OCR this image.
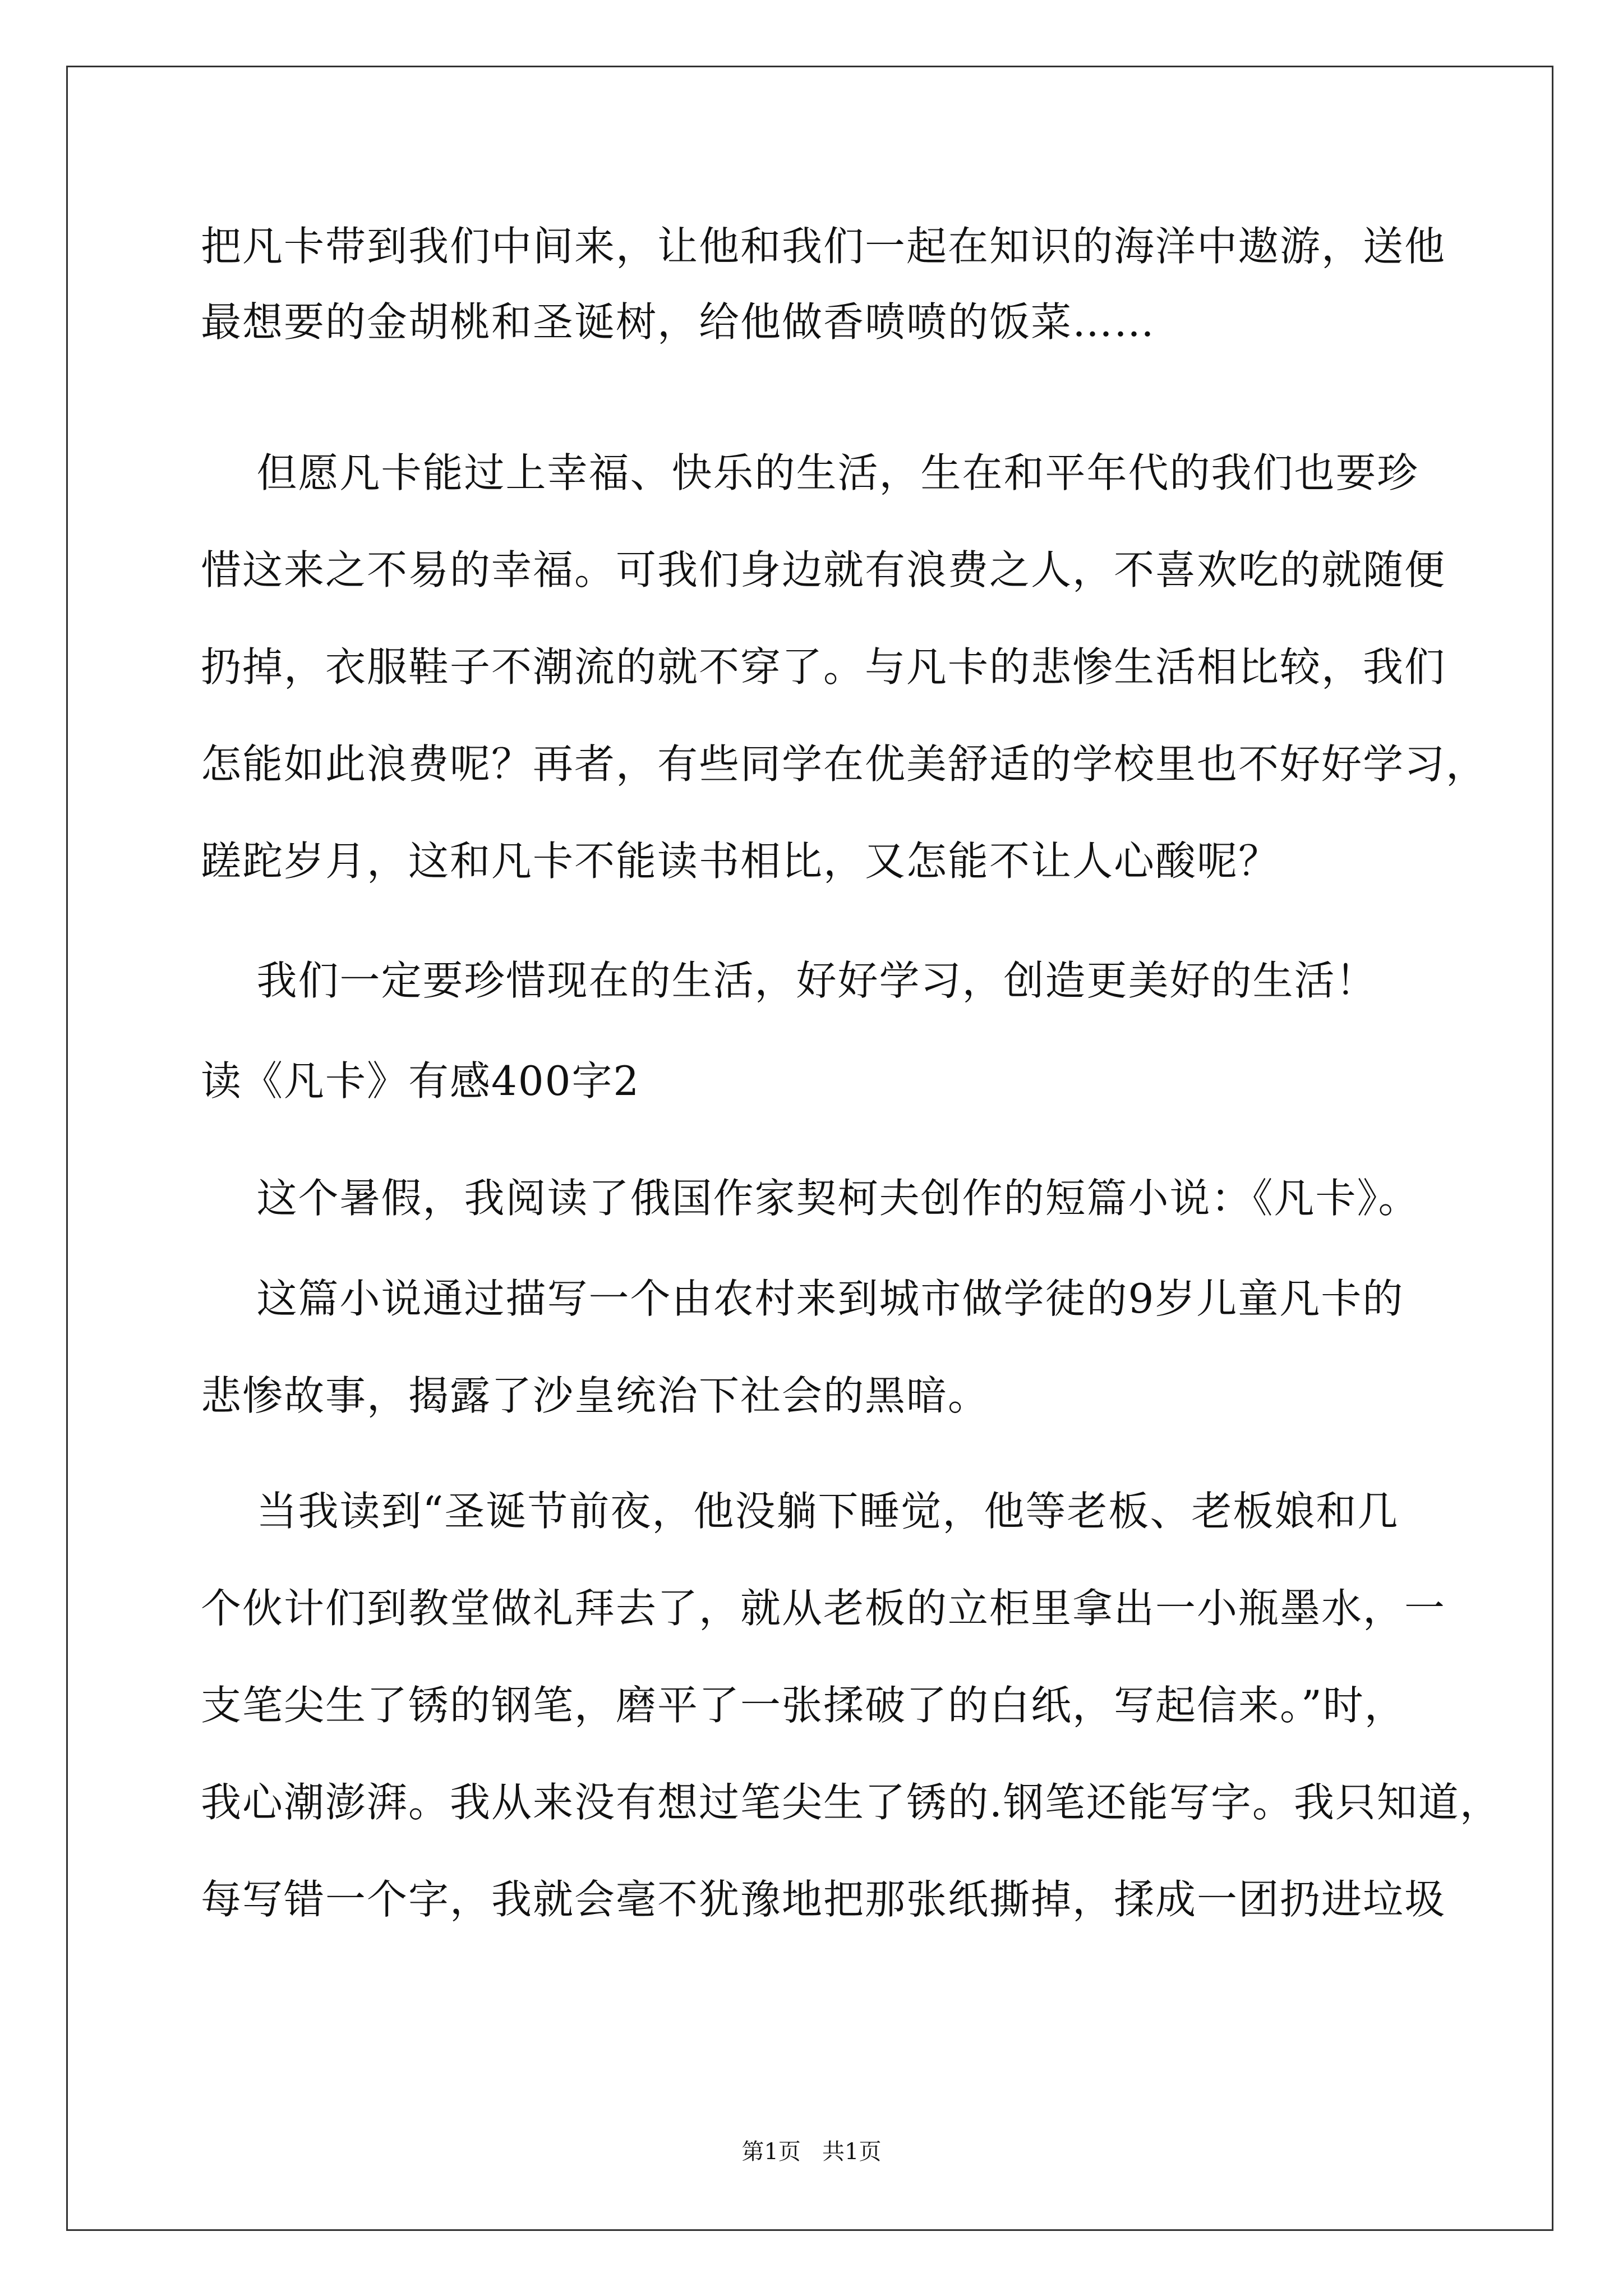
把凡卡带到我们中间来，让他和我们一起在知识的海洋中遨游，送他
最想要的金胡桃和圣诞树，给他做香喷喷的饭菜……
但愿凡卡能过上幸福、快乐的生活，生在和平年代的我们也要珍
惜这来之不易的幸福。可我们身边就有浪费之人，不喜欢吃的就随便
扔掉，衣服鞋子不潮流的就不穿了。与凡卡的悲惨生活相比较，我们
怎能如此浪费呢？再者，有些同学在优美舒适的学校里也不好好学习，
蹉跎岁月，这和凡卡不能读书相比，又怎能不让人心酸呢？
我们一定要珍惜现在的生活，好好学习，创造更美好的生活！
读《凡卡》有感400字2
这个暑假，我阅读了俄国作家契柯夫创作的短篇小说：《凡卡》。
这篇小说通过描写一个由农村来到城市做学徒的9岁儿童凡卡的
悲惨故事，揭露了沙皇统治下社会的黑暗。
当我读到“圣诞节前夜，他没躺下睡觉，他等老板、老板娘和几
个伙计们到教堂做礼拜去了，就从老板的立柜里拿出一小瓶墨水，一
支笔尖生了锈的钢笔，磨平了一张揉破了的白纸，写起信来。”时，
我心潮澎湃。我从来没有想过笔尖生了锈的.钢笔还能写字。我只知道，
每写错一个字，我就会毫不犹豫地把那张纸撕掉，揉成一团扔进垃圾
第1页   共1页
